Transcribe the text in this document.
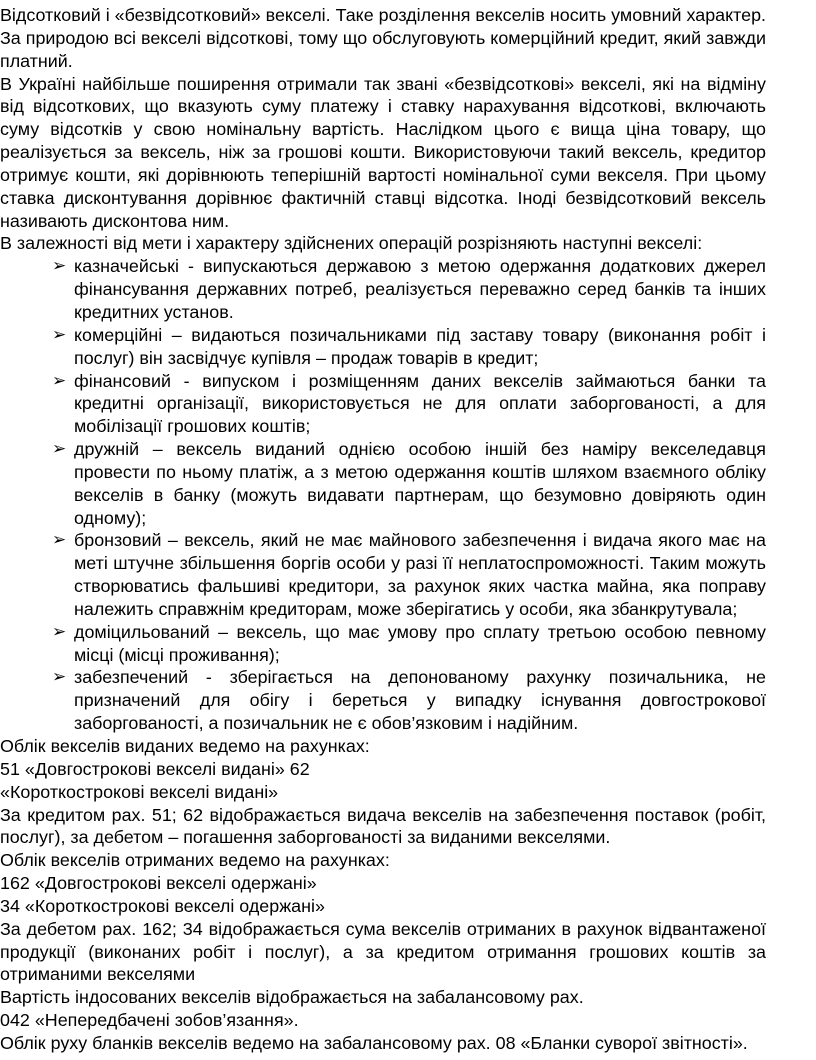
Відсотковий і «безвідсотковий» векселі. Таке розділення векселів носить умовний характер. За природою всі векселі відсоткові, тому що обслуговують комерційний кредит, який завжди платний.

В Україні найбільше поширення отримали так звані «безвідсоткові» векселі, які на відміну від відсоткових, що вказують суму платежу і ставку нарахування відсоткові, включають суму відсотків у свою номінальну вартість. Наслідком цього є вища ціна товару, що реалізується за вексель, ніж за грошові кошти. Використовуючи такий вексель, кредитор отримує кошти, які дорівнюють теперішній вартості номінальної суми векселя. При цьому ставка дисконтування дорівнює фактичній ставці відсотка. Іноді безвідсотковий вексель називають дисконтова ним.

В залежності від мети і характеру здійснених операцій розрізняють наступні векселі:

➢ казначейські - випускаються державою з метою одержання додаткових джерел фінансування державних потреб, реалізується переважно серед банків та інших кредитних установ.
➢ комерційні – видаються позичальниками під заставу товару (виконання робіт і послуг) він засвідчує купівля – продаж товарів в кредит;
➢ фінансовий - випуском і розміщенням даних векселів займаються банки та кредитні організації, використовується не для оплати заборгованості, а для мобілізації грошових коштів;
➢ дружній – вексель виданий однією особою іншій без наміру векселедавця провести по ньому платіж, а з метою одержання коштів шляхом взаємного обліку векселів в банку (можуть видавати партнерам, що безумовно довіряють один одному);
➢ бронзовий – вексель, який не має майнового забезпечення і видача якого має на меті штучне збільшення боргів особи у разі її неплатоспроможності. Таким можуть створюватись фальшиві кредитори, за рахунок яких частка майна, яка поправу належить справжнім кредиторам, може зберігатись у особи, яка збанкрутувала;
➢ доміцильований – вексель, що має умову про сплату третьою особою певному місці (місці проживання);
➢ забезпечений - зберігається на депонованому рахунку позичальника, не призначений для обігу і береться у випадку існування довгострокової заборгованості, а позичальник не є обов’язковим і надійним.

Облік векселів виданих ведемо на рахунках:

51 «Довгострокові векселі видані» 62

«Короткострокові векселі видані»

За кредитом рах. 51; 62 відображається видача векселів на забезпечення поставок (робіт, послуг), за дебетом – погашення заборгованості за виданими векселями.

Облік векселів отриманих ведемо на рахунках:

162 «Довгострокові векселі одержані»

34 «Короткострокові векселі одержані»

За дебетом рах. 162; 34 відображається сума векселів отриманих в рахунок відвантаженої продукції (виконаних робіт і послуг), а за кредитом отримання грошових коштів за отриманими векселями

Вартість індосованих векселів відображається на забалансовому рах.

042 «Непередбачені зобов’язання».

Облік руху бланків векселів ведемо на забалансовому рах. 08 «Бланки суворої звітності».
